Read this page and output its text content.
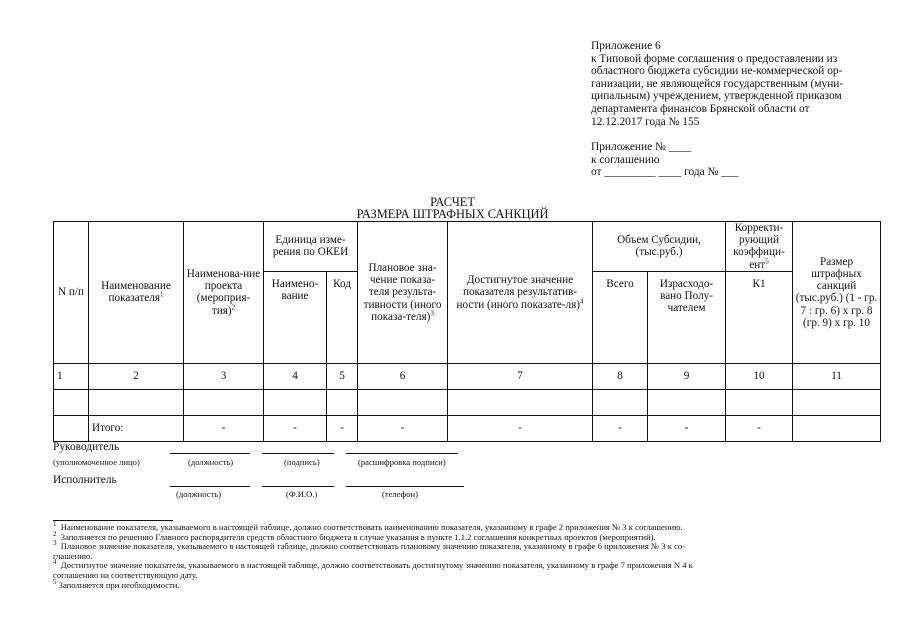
Приложение 6
к Типовой форме соглашения о предоставлении из
областного бюджета субсидии не-коммерческой ор-
ганизации, не являющейся государственным (муни-
ципальным) учреждением, утвержденной приказом
департамента финансов Брянской области от
12.12.2017 года № 155
Приложение № ____
к соглашению
от _________ ____ года № ___
РАСЧЕТ
РАЗМЕРА ШТРАФНЫХ САНКЦИЙ
N п/п	Наименование показателя$^1$	Наименова-ние проекта (мероприя-тия)$^2$	Единица изме-рения по ОКЕИ		Плановое зна-чение показа-теля результа-тивности (иного показа-теля)$^3$	Достигнутое значение показателя результатив-ности (иного показате-ля)$^4$	Объем Субсидии, (тыс.руб.)		Корректи-рующий коэффици-ент$^5$	Размер штрафных санкций (тыс.руб.) (1 - гр. 7 : гр. 6) х гр. 8 (гр. 9) х гр. 10
			Наимено-вание	Код			Всего	Израсходо-вано Полу-чателем	К1	
1	2	3	4	5	6	7	8	9	10	11

	Итого:	-	-	-	-	-	-	-	-	
Руководитель
(уполномоченное лицо)	(должность)	(подпись)	(расшифровка подписи)
Исполнитель
(должность)	(Ф.И.О.)	(телефон)
$^1$ Наименование показателя, указываемого в настоящей таблице, должно соответствовать наименованию показателя, указанному в графе 2 приложения № 3 к соглашению.
$^2$ Заполняется по решению Главного распорядителя средств областного бюджета в случае указания в пункте 1.1.2 соглашения конкретных проектов (мероприятий).
$^3$ Плановое значение показателя, указываемого в настоящей таблице, должно соответствовать плановому значению показателя, указанному в графе 6 приложения № 3 к со-
глашению.
$^4$ Достигнутое значение показателя, указываемого в настоящей таблице, должно соответствовать достигнутому значению показателя, указанному в графе 7 приложения N 4 к
соглашению на соответствующую дату.
$^5$ Заполняется при необходимости.
